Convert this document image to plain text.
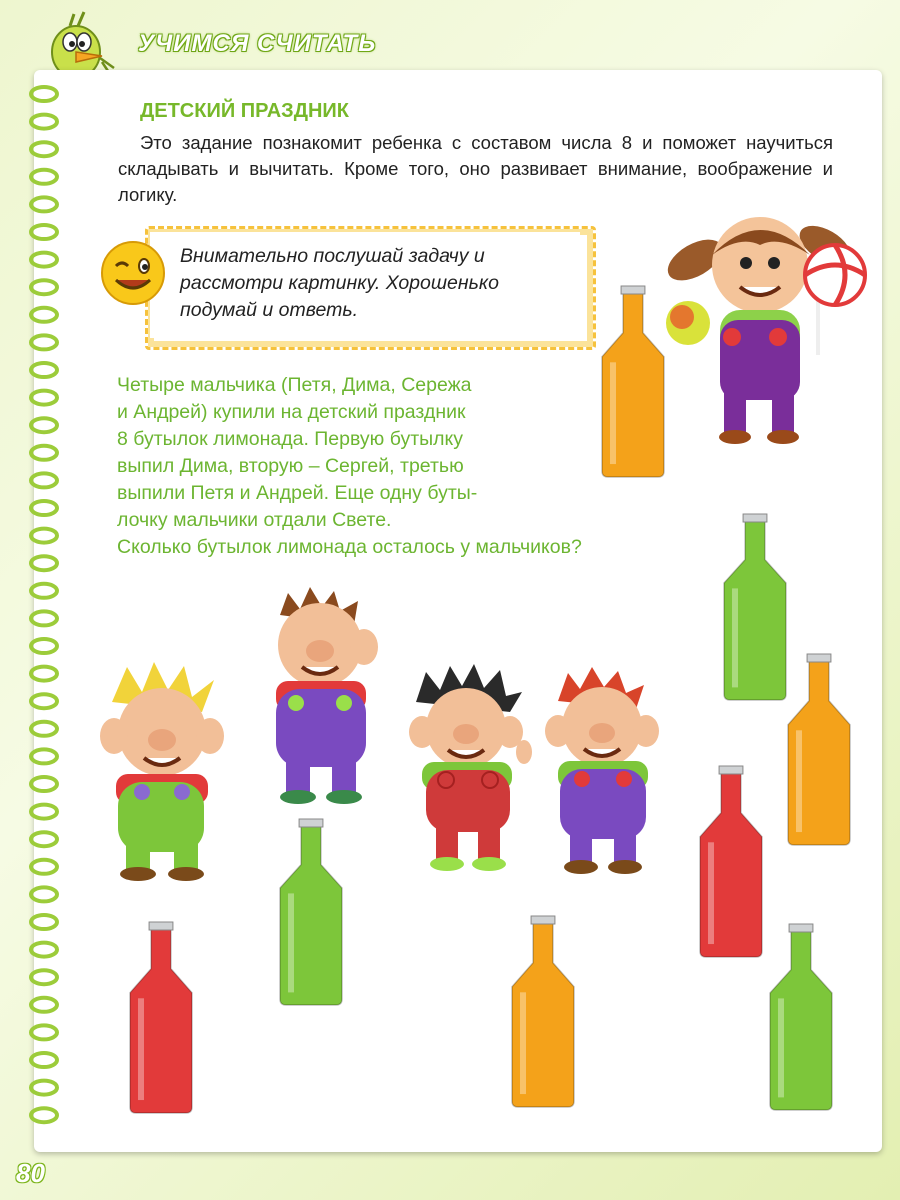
УЧИМСЯ СЧИТАТЬ
ДЕТСКИЙ ПРАЗДНИК

Это задание познакомит ребенка с составом числа 8 и поможет научиться складывать и вычитать. Кроме того, оно развивает внимание, воображение и логику.

Внимательно послушай задачу и
рассмотри картинку. Хорошенько
подумай и ответь.

Четыре мальчика (Петя, Дима, Сережа
и Андрей) купили на детский праздник
8 бутылок лимонада. Первую бутылку
выпил Дима, вторую – Сергей, третью
выпили Петя и Андрей. Еще одну буты-
лочку мальчики отдали Свете.
Сколько бутылок лимонада осталось у мальчиков?

80
